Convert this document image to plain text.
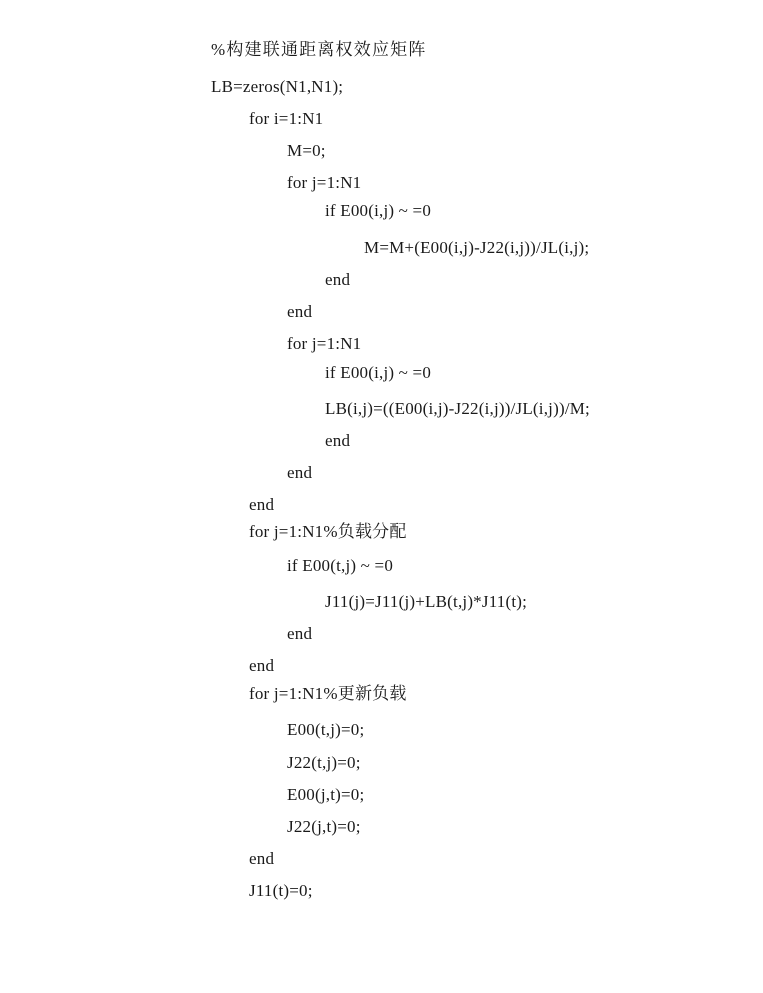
%构建联通距离权效应矩阵
LB=zeros(N1,N1);
for i=1:N1
M=0;
for j=1:N1
if E00(i,j) ~ =0
M=M+(E00(i,j)-J22(i,j))/JL(i,j);
end
end
for j=1:N1
if E00(i,j) ~ =0
LB(i,j)=((E00(i,j)-J22(i,j))/JL(i,j))/M;
end
end
end
for j=1:N1%负载分配
if E00(t,j) ~ =0
J11(j)=J11(j)+LB(t,j)*J11(t);
end
end
for j=1:N1%更新负载
E00(t,j)=0;
J22(t,j)=0;
E00(j,t)=0;
J22(j,t)=0;
end
J11(t)=0;
